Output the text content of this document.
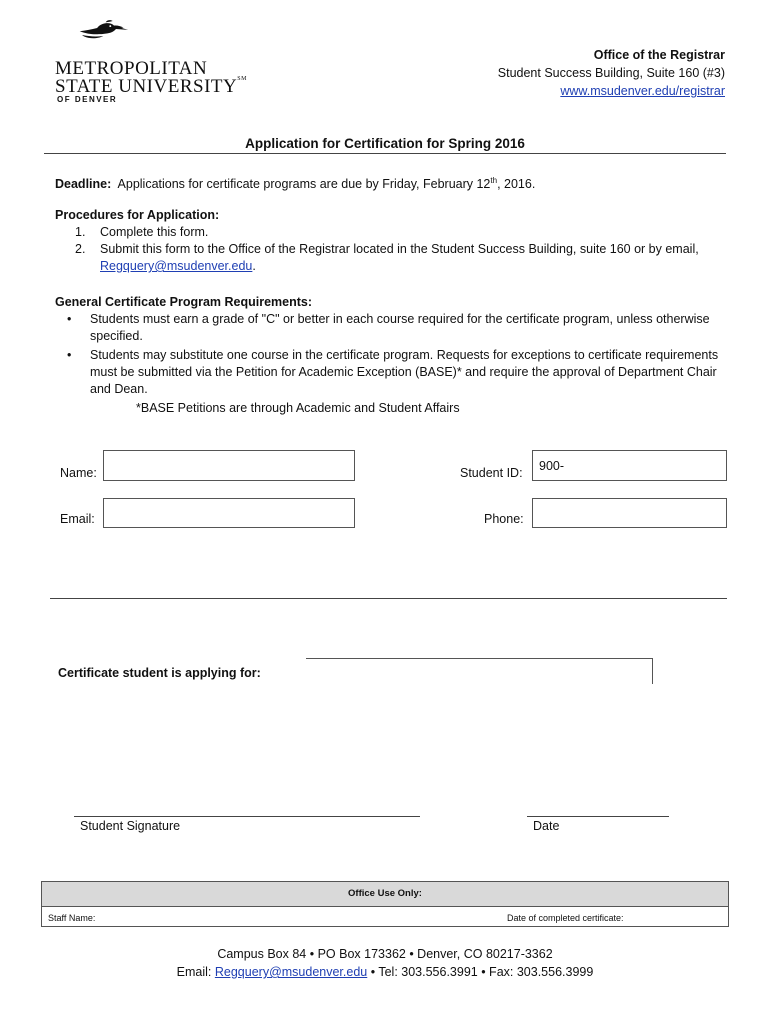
METROPOLITAN
STATE UNIVERSITY℠
OF DENVER
Office of the Registrar
Student Success Building, Suite 160 (#3)
www.msudenver.edu/registrar
Application for Certification for Spring 2016
Deadline: Applications for certificate programs are due by Friday, February 12th, 2016.
Procedures for Application:
1. Complete this form.
2. Submit this form to the Office of the Registrar located in the Student Success Building, suite 160 or by email,
Regquery@msudenver.edu.
General Certificate Program Requirements:
• Students must earn a grade of "C" or better in each course required for the certificate program, unless otherwise specified.
• Students may substitute one course in the certificate program. Requests for exceptions to certificate requirements must be submitted via the Petition for Academic Exception (BASE)* and require the approval of Department Chair and Dean.
*BASE Petitions are through Academic and Student Affairs
Name:	Student ID:	900-
Email:	Phone:
Certificate student is applying for:
Student Signature	Date
Office Use Only:
Staff Name:	Date of completed certificate:
Campus Box 84 • PO Box 173362 • Denver, CO 80217-3362
Email: Regquery@msudenver.edu • Tel: 303.556.3991 • Fax: 303.556.3999
